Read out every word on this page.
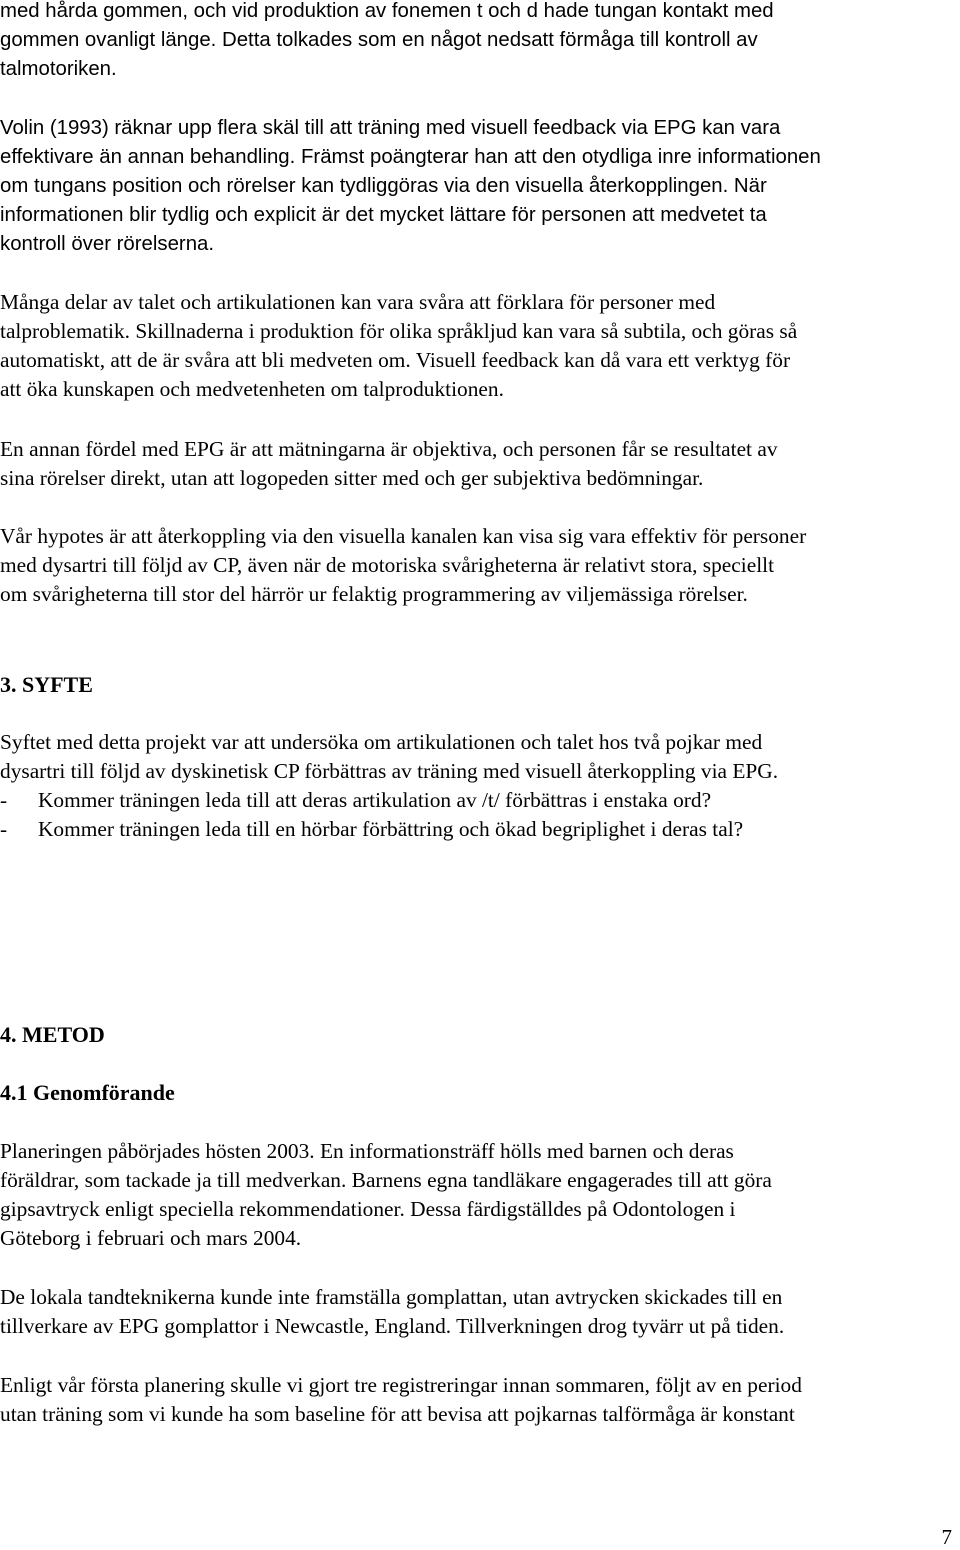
med hårda gommen, och vid produktion av fonemen t och d hade tungan kontakt med
gommen ovanligt länge. Detta tolkades som en något nedsatt förmåga till kontroll av
talmotoriken.
Volin (1993) räknar upp flera skäl till att träning med visuell feedback via EPG kan vara
effektivare än annan behandling. Främst poängterar han att den otydliga inre informationen
om tungans position och rörelser kan tydliggöras via den visuella återkopplingen. När
informationen blir tydlig och explicit är det mycket lättare för personen att medvetet ta
kontroll över rörelserna.
Många delar av talet och artikulationen kan vara svåra att förklara för personer med
talproblematik. Skillnaderna i produktion för olika språkljud kan vara så subtila, och göras så
automatiskt, att de är svåra att bli medveten om. Visuell feedback kan då vara ett verktyg för
att öka kunskapen och medvetenheten om talproduktionen.
En annan fördel med EPG är att mätningarna är objektiva, och personen får se resultatet av
sina rörelser direkt, utan att logopeden sitter med och ger subjektiva bedömningar.
Vår hypotes är att återkoppling via den visuella kanalen kan visa sig vara effektiv för personer
med dysartri till följd av CP, även när de motoriska svårigheterna är relativt stora, speciellt
om svårigheterna till stor del härrör ur felaktig programmering av viljemässiga rörelser.
3. SYFTE
Syftet med detta projekt var att undersöka om artikulationen och talet hos två pojkar med
dysartri till följd av dyskinetisk CP förbättras av träning med visuell återkoppling via EPG.
- Kommer träningen leda till att deras artikulation av /t/ förbättras i enstaka ord?
- Kommer träningen leda till en hörbar förbättring och ökad begriplighet i deras tal?
4. METOD
4.1 Genomförande
Planeringen påbörjades hösten 2003. En informationsträff hölls med barnen och deras
föräldrar, som tackade ja till medverkan. Barnens egna tandläkare engagerades till att göra
gipsavtryck enligt speciella rekommendationer. Dessa färdigställdes på Odontologen i
Göteborg i februari och mars 2004.
De lokala tandteknikerna kunde inte framställa gomplattan, utan avtrycken skickades till en
tillverkare av EPG gomplattor i Newcastle, England. Tillverkningen drog tyvärr ut på tiden.
Enligt vår första planering skulle vi gjort tre registreringar innan sommaren, följt av en period
utan träning som vi kunde ha som baseline för att bevisa att pojkarnas talförmåga är konstant
7
